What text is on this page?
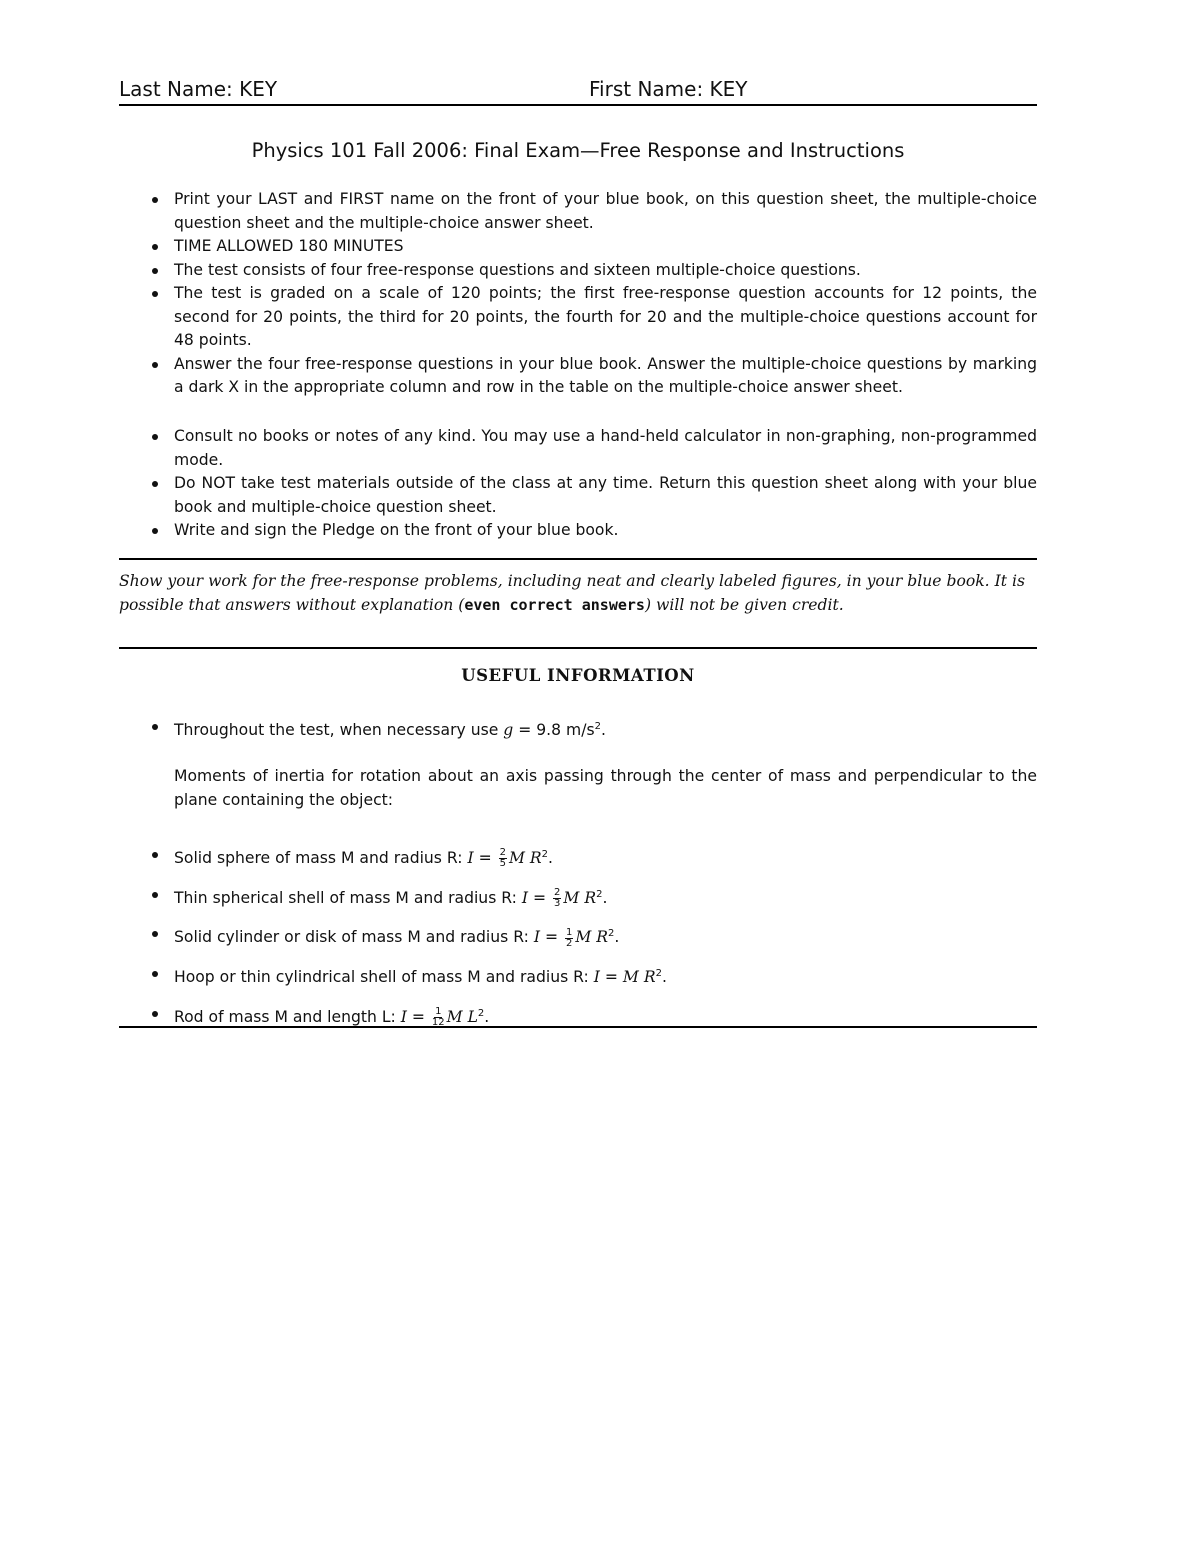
Last Name: KEY	First Name: KEY
Physics 101 Fall 2006: Final Exam—Free Response and Instructions
Print your LAST and FIRST name on the front of your blue book, on this question sheet, the multiple-choice question sheet and the multiple-choice answer sheet.
TIME ALLOWED 180 MINUTES
The test consists of four free-response questions and sixteen multiple-choice questions.
The test is graded on a scale of 120 points; the first free-response question accounts for 12 points, the second for 20 points, the third for 20 points, the fourth for 20 and the multiple-choice questions account for 48 points.
Answer the four free-response questions in your blue book. Answer the multiple-choice questions by marking a dark X in the appropriate column and row in the table on the multiple-choice answer sheet.
Consult no books or notes of any kind. You may use a hand-held calculator in non-graphing, non-programmed mode.
Do NOT take test materials outside of the class at any time. Return this question sheet along with your blue book and multiple-choice question sheet.
Write and sign the Pledge on the front of your blue book.
Show your work for the free-response problems, including neat and clearly labeled figures, in your blue book. It is possible that answers without explanation (even correct answers) will not be given credit.
USEFUL INFORMATION
Throughout the test, when necessary use g = 9.8 $m/s^2$.
Moments of inertia for rotation about an axis passing through the center of mass and perpendicular to the plane containing the object:
Solid sphere of mass M and radius R: $I = \frac{2}{5}$ M $R^2$.
Thin spherical shell of mass M and radius R: $I = \frac{2}{3}$ M $R^2$.
Solid cylinder or disk of mass M and radius R: $I = \frac{1}{2}$ M $R^2$.
Hoop or thin cylindrical shell of mass M and radius R: I = M $R^2$.
Rod of mass M and length L: $I = \frac{1}{12}$ M $L^2$.
